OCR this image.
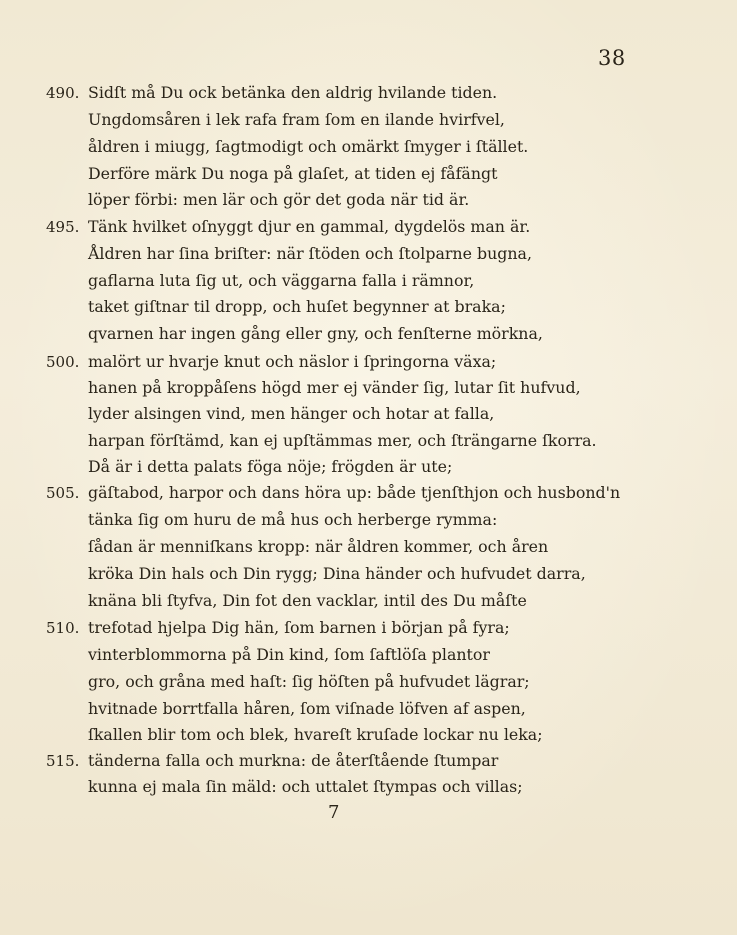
38
490.
495.
500.
505.
510.
515.
Sidſt må Du ock betänka den aldrig hvilande tiden.
Ungdomsåren i lek rafa fram ſom en ilande hvirfvel,
åldren i miugg, ſagtmodigt och omärkt ſmyger i ſtället.
Derföre märk Du noga på glaſet, at tiden ej fåfängt
löper förbi: men lär och gör det goda när tid är.
Tänk hvilket oſnyggt djur en gammal, dygdelös man är.
Åldren har ſina briſter: när ſtöden och ſtolparne bugna,
gaflarna luta ſig ut, och väggarna falla i rämnor,
taket giſtnar til dropp, och huſet begynner at braka;
qvarnen har ingen gång eller gny, och fenſterne mörkna,
malört ur hvarje knut och näslor i ſpringorna växa;
hanen på kroppåſens högd mer ej vänder ſig, lutar ſit hufvud,
lyder alsingen vind, men hänger och hotar at falla,
harpan förſtämd, kan ej upſtämmas mer, och ſträngarne ſkorra.
Då är i detta palats föga nöje; frögden är ute;
gäſtabod, harpor och dans höra up: både tjenſthjon och husbond'n
tänka ſig om huru de må hus och herberge rymma:
ſådan är menniſkans kropp: när åldren kommer, och åren
kröka Din hals och Din rygg; Dina händer och hufvudet darra,
knäna bli ſtyfva, Din fot den vacklar, intil des Du måſte
trefotad hjelpa Dig hän, ſom barnen i början på fyra;
vinterblommorna på Din kind, ſom ſaftlöſa plantor
gro, och gråna med haſt: ſig höſten på hufvudet lägrar;
hvitnade borrtfalla håren, ſom viſnade löfven af aspen,
ſkallen blir tom och blek, hvareſt kruſade lockar nu leka;
tänderna falla och murkna: de återſtående ſtumpar
kunna ej mala ſin mäld: och uttalet ſtympas och villas;
7
